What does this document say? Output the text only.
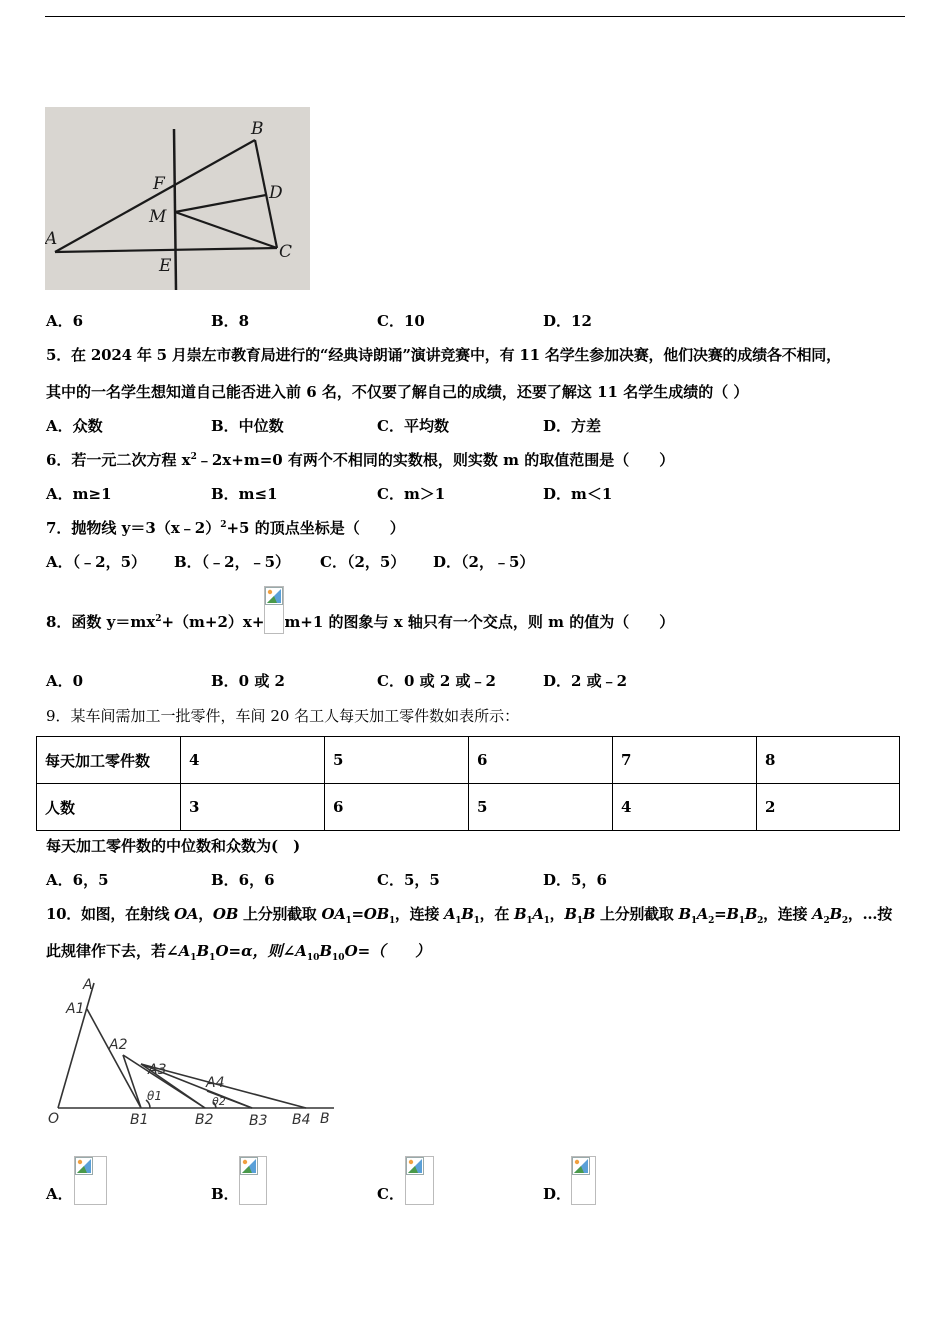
B
F	D
M
A
C
E
A．6	B．8	C．10	D．12
5．在 2024 年 5 月崇左市教育局进行的“经典诗朗诵”演讲竞赛中，有 11 名学生参加决赛，他们决赛的成绩各不相同，
其中的一名学生想知道自己能否进入前 6 名，不仅要了解自己的成绩，还要了解这 11 名学生成绩的（ ）
A．众数	B．中位数	C．平均数	D．方差
6．若一元二次方程 $x^2﹣2x+m=0$ 有两个不相同的实数根，则实数 m 的取值范围是（　　）
A．m≥1	B．m≤1	C．m＞1	D．m＜1
7．抛物线 y＝3（x﹣2）$^2$+5 的顶点坐标是（　　）
A．（﹣2，5） B．（﹣2，﹣5） C．（2，5） D．（2，﹣5）
8．函数 $y=mx^2+(m+2)x+ m+1$ 的图象与 x 轴只有一个交点，则 m 的值为（　　）
A．0	B．0 或 2	C．0 或 2 或﹣2	D．2 或﹣2
9．某车间需加工一批零件，车间 20 名工人每天加工零件数如表所示：
每天加工零件数	4	5	6	7	8
人数	3	6	5	4	2
每天加工零件数的中位数和众数为(　)
A．6，5	B．6，6	C．5，5	D．5，6
10．如图，在射线 OA，OB 上分别截取 $OA_1=OB_1$，连接 $A_1B_1$，在 $B_1A_1$，$B_1B$ 上分别截取 $B_1A_2=B_1B_2$，连接 $A_2B_2$，…按
此规律作下去，若$\angle A_1B_1O=\alpha$，则$\angle A_{10}B_{10}O=$（　　）
A
A1
A2
A3
A4
θ1	θ2
O	B1	B2	B3 B4 B
A．	B．	C．	D．
